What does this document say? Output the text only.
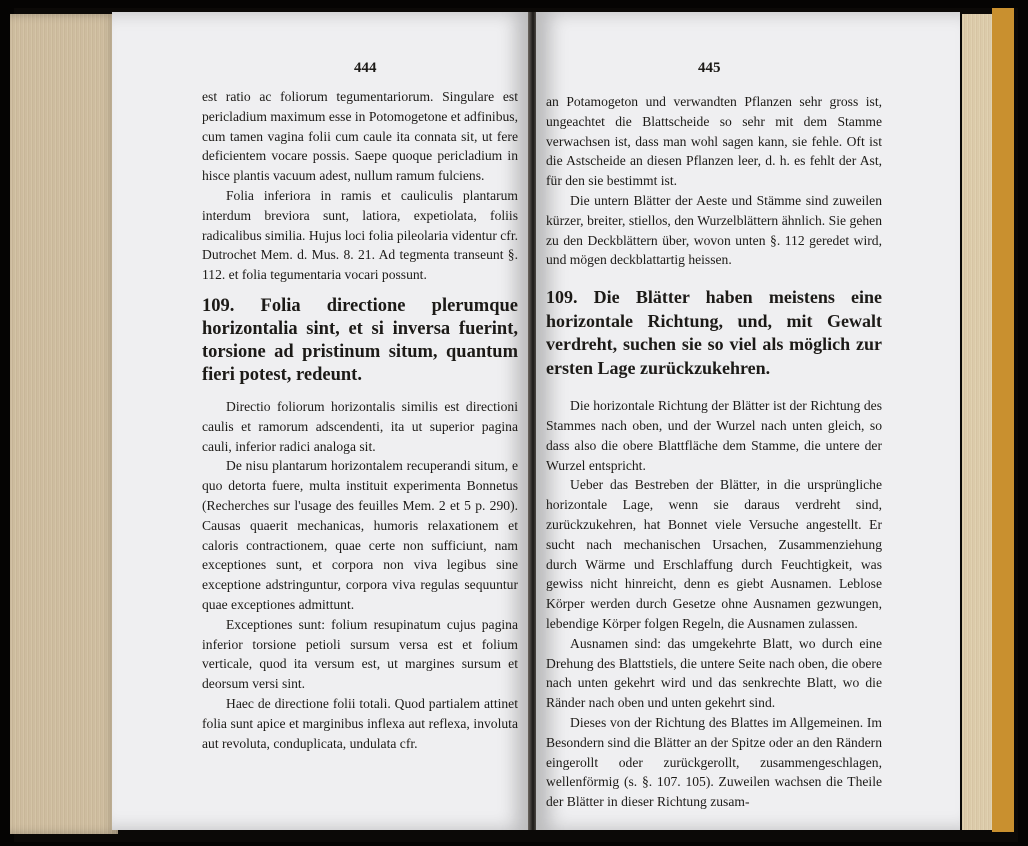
444

est ratio ac foliorum tegumentariorum. Singulare est pericladium maximum esse in Potomogetone et adfinibus, cum tamen vagina folii cum caule ita connata sit, ut fere deficientem vocare possis. Saepe quoque pericladium in hisce plantis vacuum adest, nullum ramum fulciens.

Folia inferiora in ramis et cauliculis plantarum interdum breviora sunt, latiora, expetiolata, foliis radicalibus similia. Hujus loci folia pileolaria videntur cfr. Dutrochet Mem. d. Mus. 8. 21. Ad tegmenta transeunt §. 112. et folia tegumentaria vocari possunt.

109. Folia directione plerumque horizontalia sint, et si inversa fuerint, torsione ad pristinum situm, quantum fieri potest, redeunt.

Directio foliorum horizontalis similis est directioni caulis et ramorum adscendenti, ita ut superior pagina cauli, inferior radici analoga sit.

De nisu plantarum horizontalem recuperandi situm, e quo detorta fuere, multa instituit experimenta Bonnetus (Recherches sur l'usage des feuilles Mem. 2 et 5 p. 290). Causas quaerit mechanicas, humoris relaxationem et caloris contractionem, quae certe non sufficiunt, nam exceptiones sunt, et corpora non viva legibus sine exceptione adstringuntur, corpora viva regulas sequuntur quae exceptiones admittunt.

Exceptiones sunt: folium resupinatum cujus pagina inferior torsione petioli sursum versa est et folium verticale, quod ita versum est, ut margines sursum et deorsum versi sint.

Haec de directione folii totali. Quod partialem attinet folia sunt apice et marginibus inflexa aut reflexa, involuta aut revoluta, conduplicata, undulata cfr.

445

an Potamogeton und verwandten Pflanzen sehr gross ist, ungeachtet die Blattscheide so sehr mit dem Stamme verwachsen ist, dass man wohl sagen kann, sie fehle. Oft ist die Astscheide an diesen Pflanzen leer, d. h. es fehlt der Ast, für den sie bestimmt ist.

Die untern Blätter der Aeste und Stämme sind zuweilen kürzer, breiter, stiellos, den Wurzelblättern ähnlich. Sie gehen zu den Deckblättern über, wovon unten §. 112 geredet wird, und mögen deckblattartig heissen.

109. Die Blätter haben meistens eine horizontale Richtung, und, mit Gewalt verdreht, suchen sie so viel als möglich zur ersten Lage zurückzukehren.

Die horizontale Richtung der Blätter ist der Richtung des Stammes nach oben, und der Wurzel nach unten gleich, so dass also die obere Blattfläche dem Stamme, die untere der Wurzel entspricht.

Ueber das Bestreben der Blätter, in die ursprüngliche horizontale Lage, wenn sie daraus verdreht sind, zurückzukehren, hat Bonnet viele Versuche angestellt. Er sucht nach mechanischen Ursachen, Zusammenziehung durch Wärme und Erschlaffung durch Feuchtigkeit, was gewiss nicht hinreicht, denn es giebt Ausnamen. Leblose Körper werden durch Gesetze ohne Ausnamen gezwungen, lebendige Körper folgen Regeln, die Ausnamen zulassen.

Ausnamen sind: das umgekehrte Blatt, wo durch eine Drehung des Blattstiels, die untere Seite nach oben, die obere nach unten gekehrt wird und das senkrechte Blatt, wo die Ränder nach oben und unten gekehrt sind.

Dieses von der Richtung des Blattes im Allgemeinen. Im Besondern sind die Blätter an der Spitze oder an den Rändern eingerollt oder zurückgerollt, zusammengeschlagen, wellenförmig (s. §. 107. 105). Zuweilen wachsen die Theile der Blätter in dieser Richtung zusam-
